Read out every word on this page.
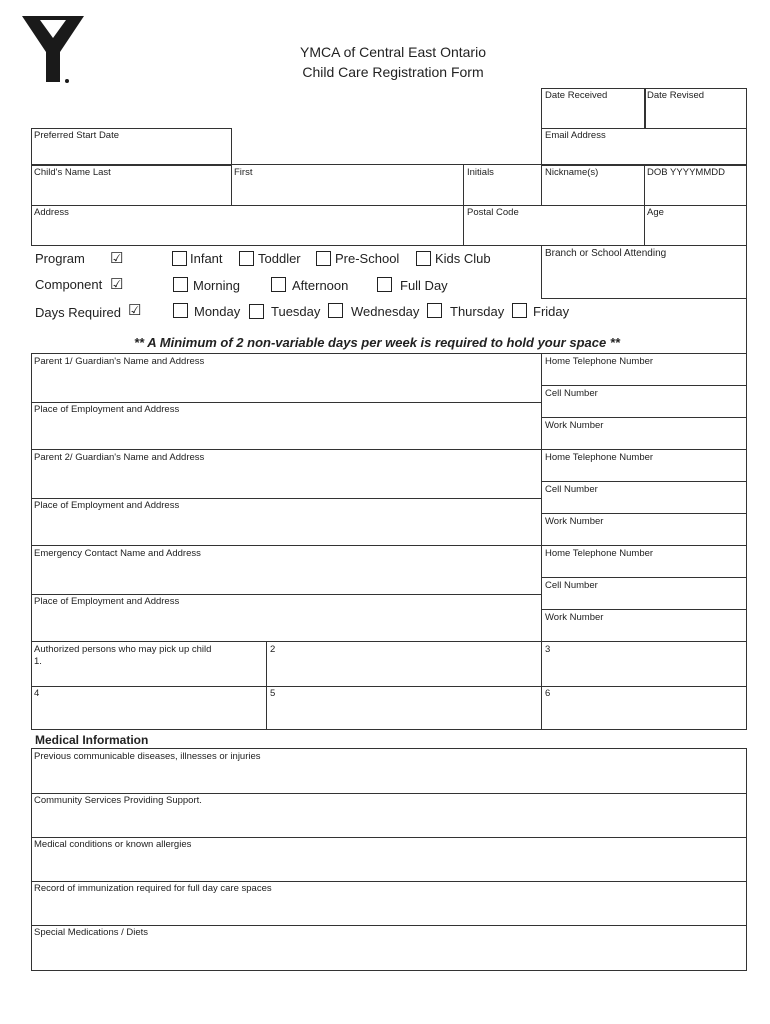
YMCA of Central East Ontario
Child Care Registration Form
Date Received	Date Revised
Preferred Start Date	Email Address
Child's Name Last	First	Initials	Nickname(s)	DOB YYYYMMDD
Address	Postal Code	Age
Branch or School Attending
Program ☑	Infant	Toddler	Pre-School	Kids Club
Component ☑	Morning	Afternoon	Full Day
Days Required ☑	Monday Tuesday Wednesday Thursday Friday
** A Minimum of 2 non-variable days per week is required to hold your space **
Parent 1/ Guardian's Name and Address
Place of Employment and Address
Home Telephone Number
Cell Number
Work Number
Parent 2/ Guardian's Name and Address
Place of Employment and Address
Home Telephone Number
Cell Number
Work Number
Emergency Contact Name and Address
Place of Employment and Address
Home Telephone Number
Cell Number
Work Number
Authorized persons who may pick up child
1.
2	3
4	5	6
Medical Information
Previous communicable diseases, illnesses or injuries
Community Services Providing Support.
Medical conditions or known allergies
Record of immunization required for full day care spaces
Special Medications / Diets
